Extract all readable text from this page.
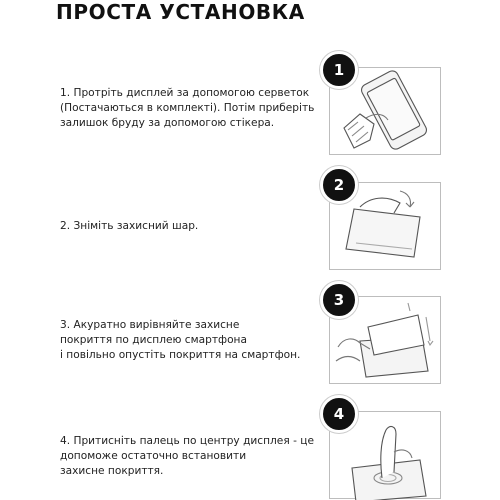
ПРОСТА УСТАНОВКА
1. Протріть дисплей за допомогою серветок
(Постачаються в комплекті). Потім приберіть
залишок бруду за допомогою стікера.
1
2. Зніміть захисний шар.
2
3. Акуратно вирівняйте захисне
покриття по дисплею смартфона
і повільно опустіть покриття на смартфон.
3
4. Притисніть палець по центру дисплея - це
допоможе остаточно встановити
захисне покриття.
4
